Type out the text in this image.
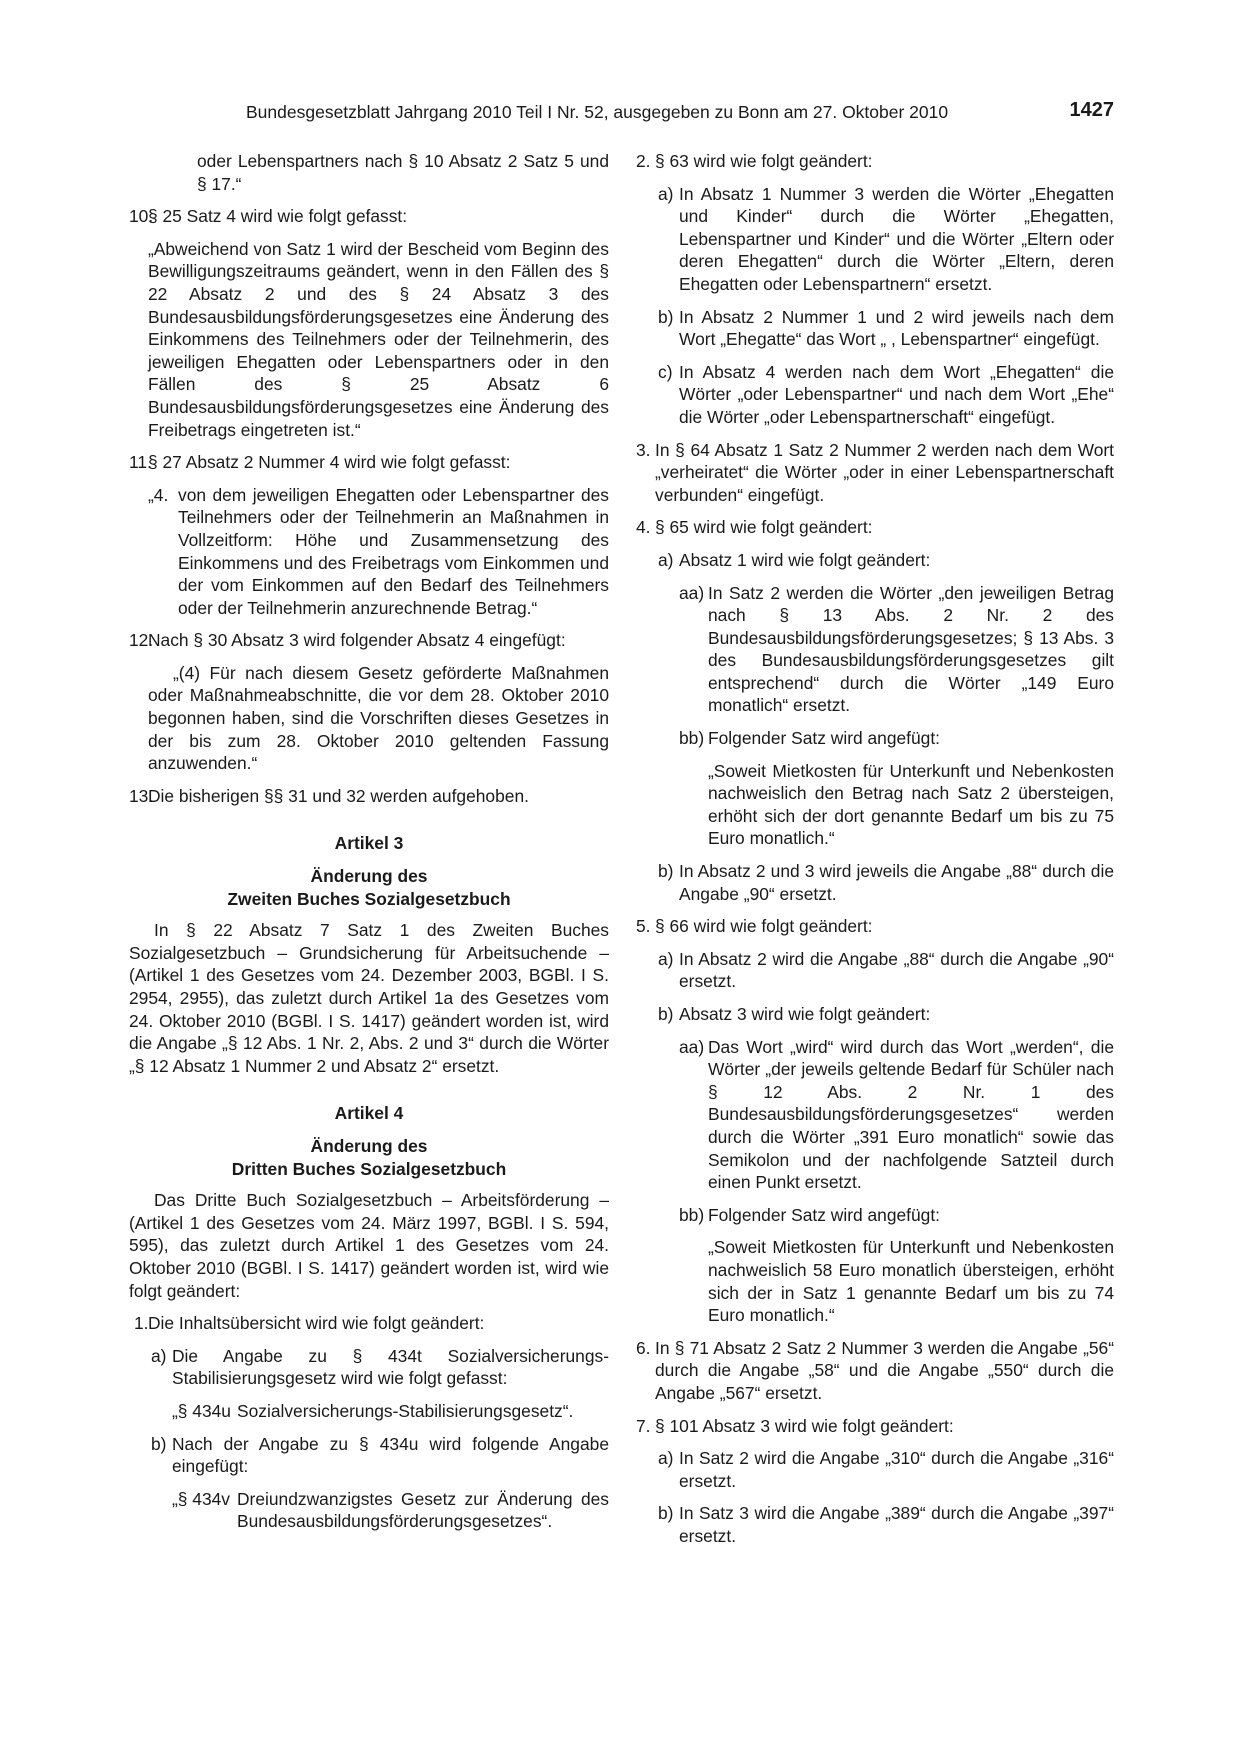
Bundesgesetzblatt Jahrgang 2010 Teil I Nr. 52, ausgegeben zu Bonn am 27. Oktober 2010	1427
oder Lebenspartners nach § 10 Absatz 2 Satz 5 und § 17.“
10.
§ 25 Satz 4 wird wie folgt gefasst:
„Abweichend von Satz 1 wird der Bescheid vom Beginn des Bewilligungszeitraums geändert, wenn in den Fällen des § 22 Absatz 2 und des § 24 Absatz 3 des Bundesausbildungsförderungsgesetzes eine Änderung des Einkommens des Teilnehmers oder der Teilnehmerin, des jeweiligen Ehegatten oder Lebenspartners oder in den Fällen des § 25 Absatz 6 Bundesausbildungsförderungsgesetzes eine Änderung des Freibetrags eingetreten ist.“
11.
§ 27 Absatz 2 Nummer 4 wird wie folgt gefasst:
„4. von dem jeweiligen Ehegatten oder Lebenspartner des Teilnehmers oder der Teilnehmerin an Maßnahmen in Vollzeitform: Höhe und Zusammensetzung des Einkommens und des Freibetrags vom Einkommen und der vom Einkommen auf den Bedarf des Teilnehmers oder der Teilnehmerin anzurechnende Betrag.“
12.
Nach § 30 Absatz 3 wird folgender Absatz 4 eingefügt:
„(4) Für nach diesem Gesetz geförderte Maßnahmen oder Maßnahmeabschnitte, die vor dem 28. Oktober 2010 begonnen haben, sind die Vorschriften dieses Gesetzes in der bis zum 28. Oktober 2010 geltenden Fassung anzuwenden.“
13.
Die bisherigen §§ 31 und 32 werden aufgehoben.
Artikel 3
Änderung des
Zweiten Buches Sozialgesetzbuch
In § 22 Absatz 7 Satz 1 des Zweiten Buches Sozialgesetzbuch – Grundsicherung für Arbeitsuchende – (Artikel 1 des Gesetzes vom 24. Dezember 2003, BGBl. I S. 2954, 2955), das zuletzt durch Artikel 1a des Gesetzes vom 24. Oktober 2010 (BGBl. I S. 1417) geändert worden ist, wird die Angabe „§ 12 Abs. 1 Nr. 2, Abs. 2 und 3“ durch die Wörter „§ 12 Absatz 1 Nummer 2 und Absatz 2“ ersetzt.
Artikel 4
Änderung des
Dritten Buches Sozialgesetzbuch
Das Dritte Buch Sozialgesetzbuch – Arbeitsförderung – (Artikel 1 des Gesetzes vom 24. März 1997, BGBl. I S. 594, 595), das zuletzt durch Artikel 1 des Gesetzes vom 24. Oktober 2010 (BGBl. I S. 1417) geändert worden ist, wird wie folgt geändert:
1. Die Inhaltsübersicht wird wie folgt geändert:
a) Die Angabe zu § 434t Sozialversicherungs-Stabilisierungsgesetz wird wie folgt gefasst:
„§ 434u Sozialversicherungs-Stabilisierungsgesetz“.
b) Nach der Angabe zu § 434u wird folgende Angabe eingefügt:
„§ 434v Dreiundzwanzigstes Gesetz zur Änderung des Bundesausbildungsförderungsgesetzes“.
2. § 63 wird wie folgt geändert:
a) In Absatz 1 Nummer 3 werden die Wörter „Ehegatten und Kinder“ durch die Wörter „Ehegatten, Lebenspartner und Kinder“ und die Wörter „Eltern oder deren Ehegatten“ durch die Wörter „Eltern, deren Ehegatten oder Lebenspartnern“ ersetzt.
b) In Absatz 2 Nummer 1 und 2 wird jeweils nach dem Wort „Ehegatte“ das Wort „ , Lebenspartner“ eingefügt.
c) In Absatz 4 werden nach dem Wort „Ehegatten“ die Wörter „oder Lebenspartner“ und nach dem Wort „Ehe“ die Wörter „oder Lebenspartnerschaft“ eingefügt.
3. In § 64 Absatz 1 Satz 2 Nummer 2 werden nach dem Wort „verheiratet“ die Wörter „oder in einer Lebenspartnerschaft verbunden“ eingefügt.
4. § 65 wird wie folgt geändert:
a) Absatz 1 wird wie folgt geändert:
aa) In Satz 2 werden die Wörter „den jeweiligen Betrag nach § 13 Abs. 2 Nr. 2 des Bundesausbildungsförderungsgesetzes; § 13 Abs. 3 des Bundesausbildungsförderungsgesetzes gilt entsprechend“ durch die Wörter „149 Euro monatlich“ ersetzt.
bb) Folgender Satz wird angefügt:
„Soweit Mietkosten für Unterkunft und Nebenkosten nachweislich den Betrag nach Satz 2 übersteigen, erhöht sich der dort genannte Bedarf um bis zu 75 Euro monatlich.“
b) In Absatz 2 und 3 wird jeweils die Angabe „88“ durch die Angabe „90“ ersetzt.
5. § 66 wird wie folgt geändert:
a) In Absatz 2 wird die Angabe „88“ durch die Angabe „90“ ersetzt.
b) Absatz 3 wird wie folgt geändert:
aa) Das Wort „wird“ wird durch das Wort „werden“, die Wörter „der jeweils geltende Bedarf für Schüler nach § 12 Abs. 2 Nr. 1 des Bundesausbildungsförderungsgesetzes“ werden durch die Wörter „391 Euro monatlich“ sowie das Semikolon und der nachfolgende Satzteil durch einen Punkt ersetzt.
bb) Folgender Satz wird angefügt:
„Soweit Mietkosten für Unterkunft und Nebenkosten nachweislich 58 Euro monatlich übersteigen, erhöht sich der in Satz 1 genannte Bedarf um bis zu 74 Euro monatlich.“
6. In § 71 Absatz 2 Satz 2 Nummer 3 werden die Angabe „56“ durch die Angabe „58“ und die Angabe „550“ durch die Angabe „567“ ersetzt.
7. § 101 Absatz 3 wird wie folgt geändert:
a) In Satz 2 wird die Angabe „310“ durch die Angabe „316“ ersetzt.
b) In Satz 3 wird die Angabe „389“ durch die Angabe „397“ ersetzt.
